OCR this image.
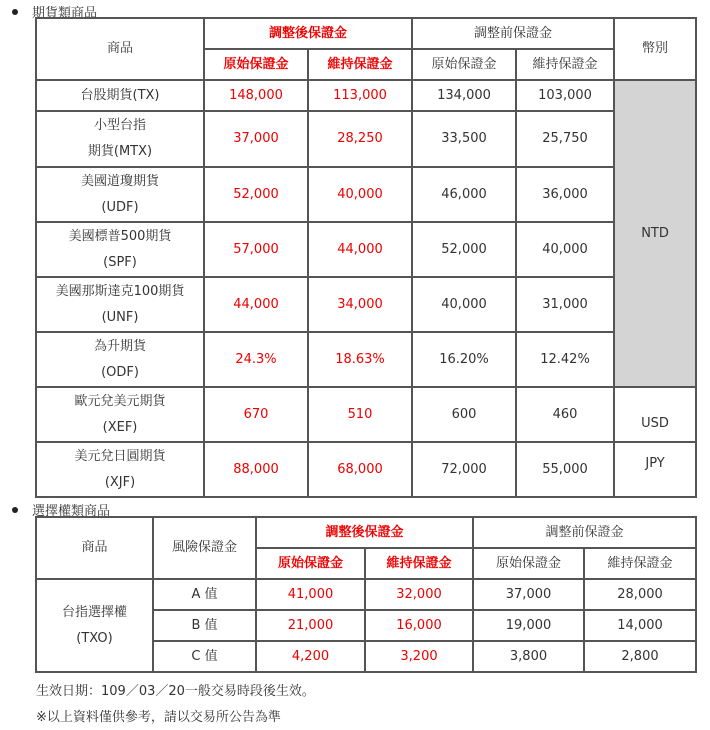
期貨類商品
商品	調整後保證金		調整前保證金		幣別
	原始保證金	維持保證金	原始保證金	維持保證金	

台股期貨(TX)	148,000	113,000	134,000	103,000	NTD

小型台指
期貨(MTX)	37,000	28,250	33,500	25,750	

美國道瓊期貨
(UDF)	52,000	40,000	46,000	36,000	

美國標普500期貨
(SPF)	57,000	44,000	52,000	40,000	

美國那斯達克100期貨
(UNF)	44,000	34,000	40,000	31,000	

為升期貨
(ODF)	24.3%	18.63%	16.20%	12.42%	

歐元兌美元期貨
(XEF)	670	510	600	460	USD

美元兌日圓期貨
(XJF)	88,000	68,000	72,000	55,000	JPY
選擇權類商品
商品	風險保證金	調整後保證金		調整前保證金	
		原始保證金	維持保證金	原始保證金	維持保證金

台指選擇權
(TXO)	A 值	41,000	32,000	37,000	28,000
	B 值	21,000	16,000	19,000	14,000
	C 值	4,200	3,200	3,800	2,800
生效日期：109／03／20一般交易時段後生效。
※以上資料僅供參考，請以交易所公告為準
